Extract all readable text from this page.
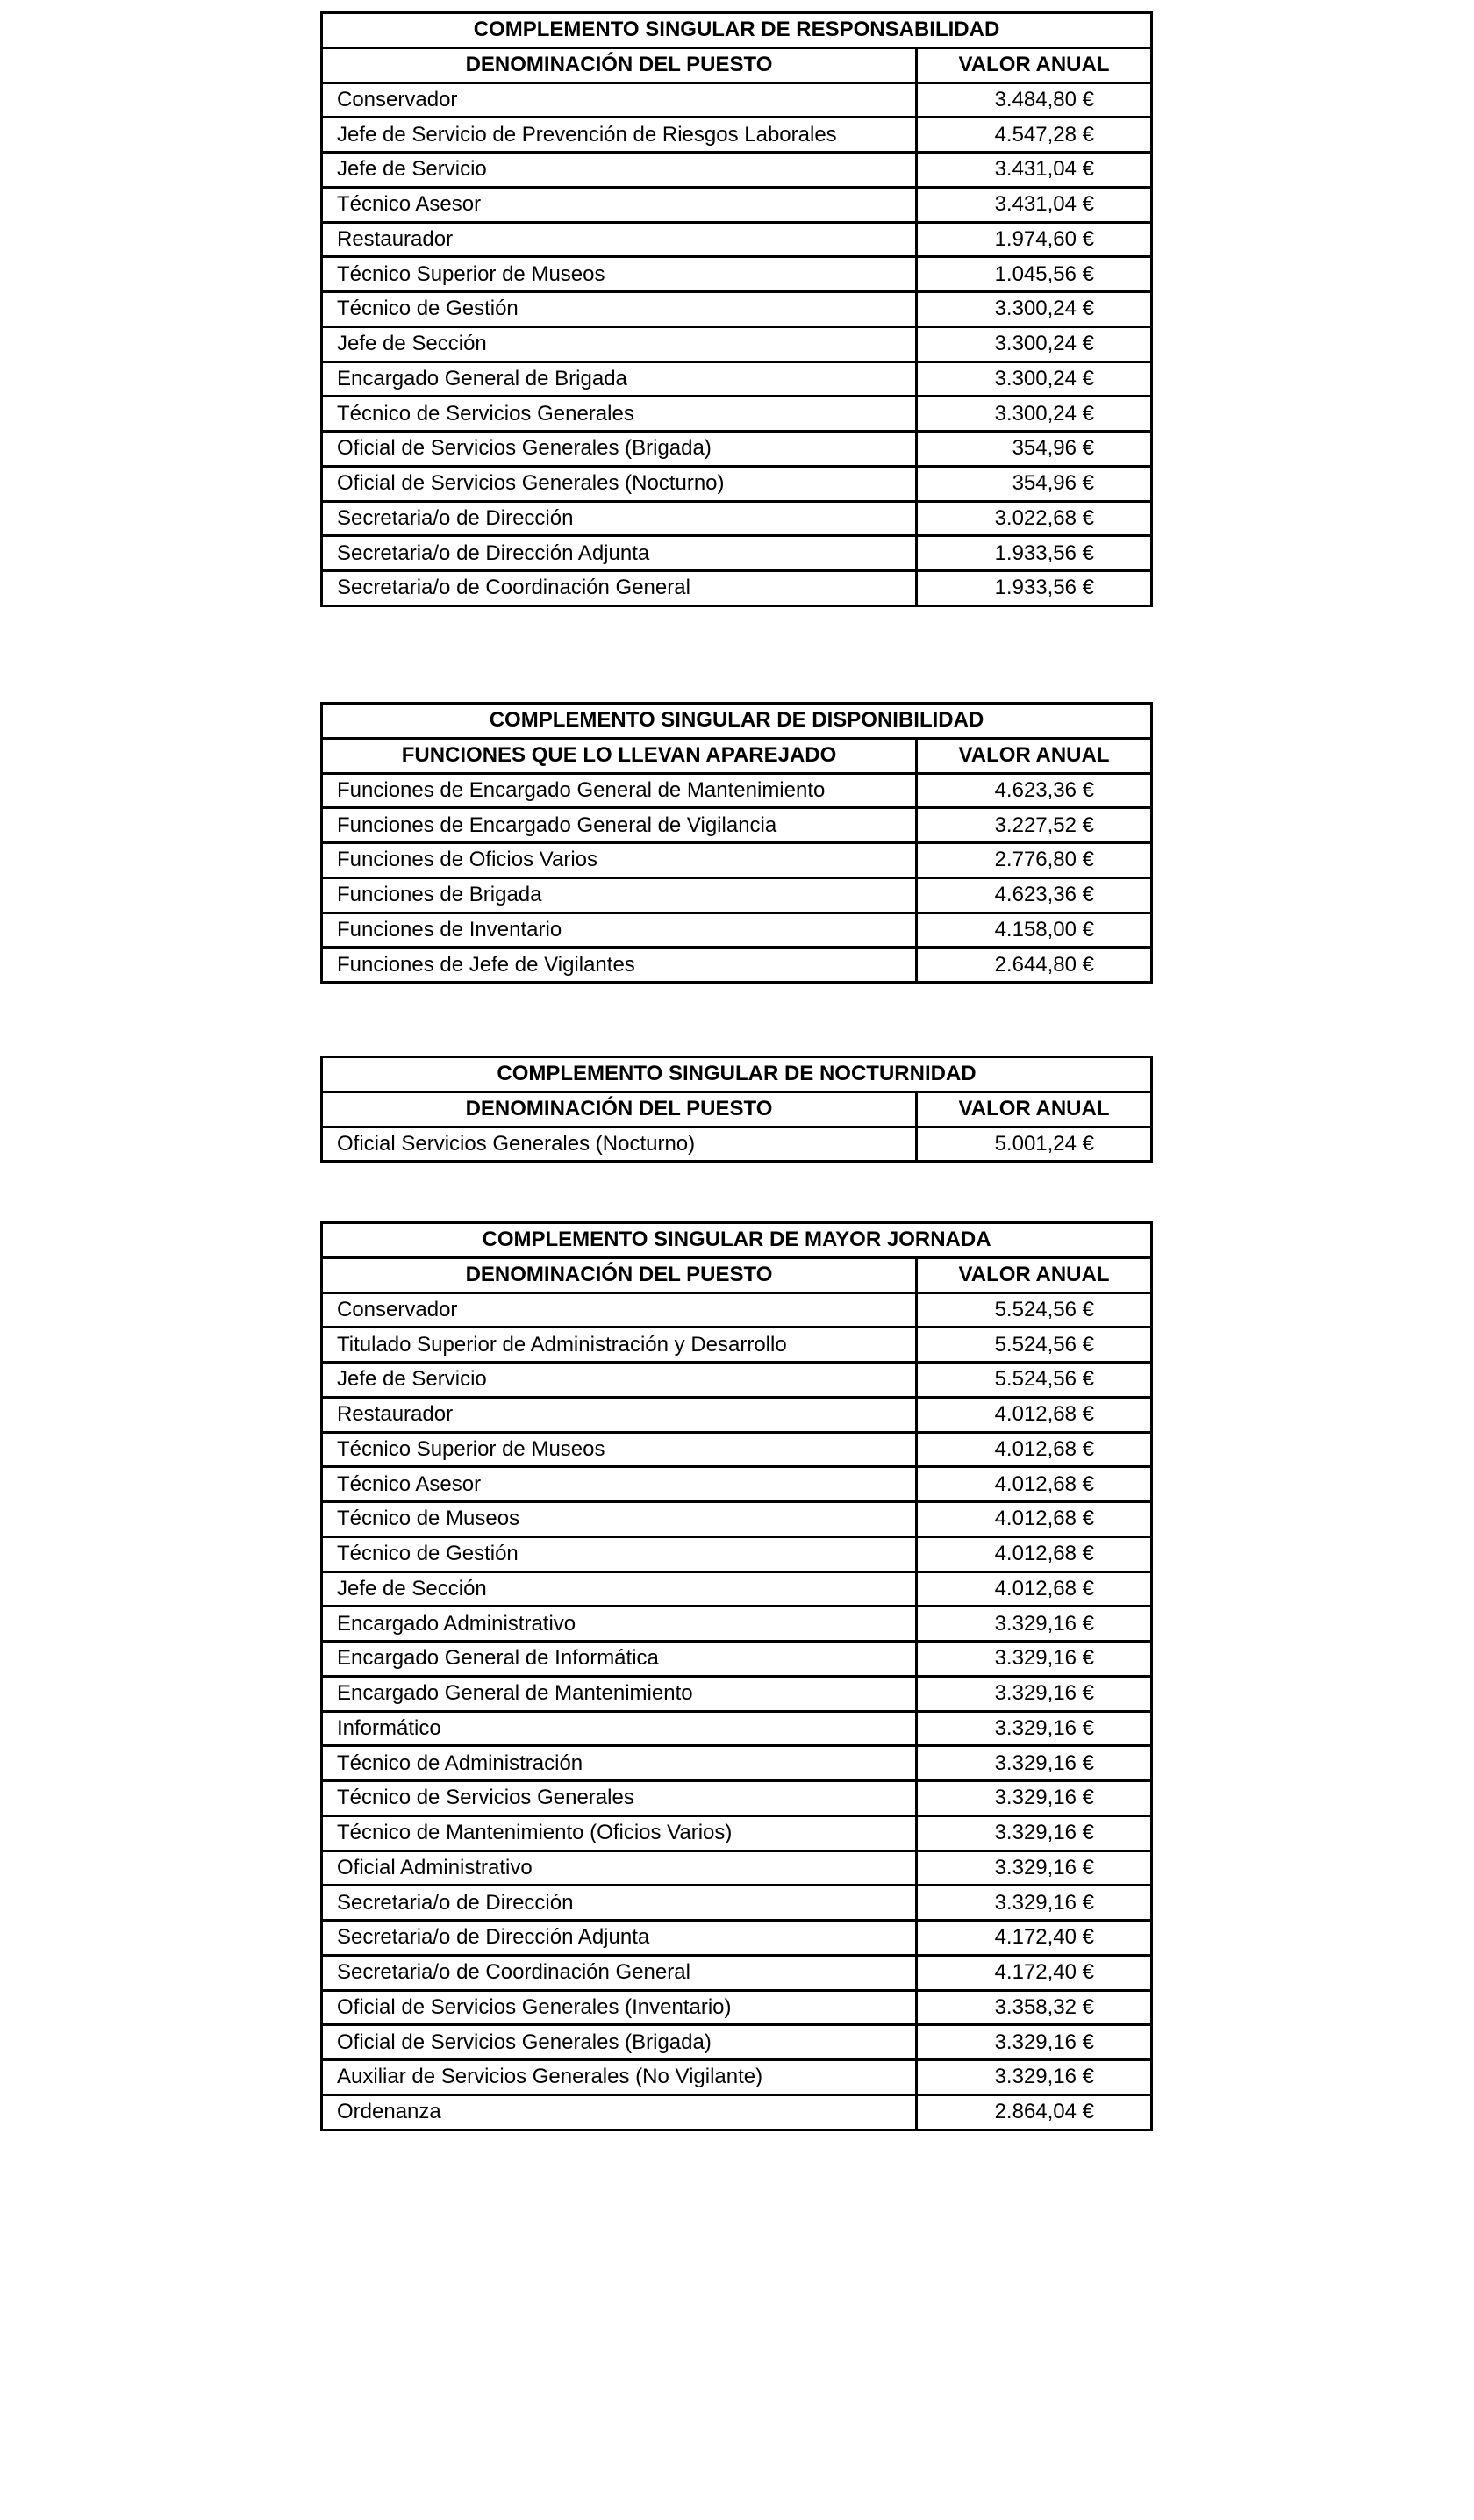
COMPLEMENTO SINGULAR DE RESPONSABILIDAD	
DENOMINACIÓN DEL PUESTO	VALOR ANUAL
Conservador	3.484,80 €
Jefe de Servicio de Prevención de Riesgos Laborales	4.547,28 €
Jefe de Servicio	3.431,04 €
Técnico Asesor	3.431,04 €
Restaurador	1.974,60 €
Técnico Superior de Museos	1.045,56 €
Técnico de Gestión	3.300,24 €
Jefe de Sección	3.300,24 €
Encargado General de Brigada	3.300,24 €
Técnico de Servicios Generales	3.300,24 €
Oficial de Servicios Generales (Brigada)	354,96 €
Oficial de Servicios Generales (Nocturno)	354,96 €
Secretaria/o de Dirección	3.022,68 €
Secretaria/o de Dirección Adjunta	1.933,56 €
Secretaria/o de Coordinación General	1.933,56 €
COMPLEMENTO SINGULAR DE DISPONIBILIDAD	
FUNCIONES QUE LO LLEVAN APAREJADO	VALOR ANUAL
Funciones de Encargado General de Mantenimiento	4.623,36 €
Funciones de Encargado General de Vigilancia	3.227,52 €
Funciones de Oficios Varios	2.776,80 €
Funciones de Brigada	4.623,36 €
Funciones de Inventario	4.158,00 €
Funciones de Jefe de Vigilantes	2.644,80 €
COMPLEMENTO SINGULAR DE NOCTURNIDAD	
DENOMINACIÓN DEL PUESTO	VALOR ANUAL
Oficial Servicios Generales (Nocturno)	5.001,24 €
COMPLEMENTO SINGULAR DE MAYOR JORNADA	
DENOMINACIÓN DEL PUESTO	VALOR ANUAL
Conservador	5.524,56 €
Titulado Superior de Administración y Desarrollo	5.524,56 €
Jefe de Servicio	5.524,56 €
Restaurador	4.012,68 €
Técnico Superior de Museos	4.012,68 €
Técnico Asesor	4.012,68 €
Técnico de Museos	4.012,68 €
Técnico de Gestión	4.012,68 €
Jefe de Sección	4.012,68 €
Encargado Administrativo	3.329,16 €
Encargado General de Informática	3.329,16 €
Encargado General de Mantenimiento	3.329,16 €
Informático	3.329,16 €
Técnico de Administración	3.329,16 €
Técnico de Servicios Generales	3.329,16 €
Técnico de Mantenimiento (Oficios Varios)	3.329,16 €
Oficial Administrativo	3.329,16 €
Secretaria/o de Dirección	3.329,16 €
Secretaria/o de Dirección Adjunta	4.172,40 €
Secretaria/o de Coordinación General	4.172,40 €
Oficial de Servicios Generales (Inventario)	3.358,32 €
Oficial de Servicios Generales (Brigada)	3.329,16 €
Auxiliar de Servicios Generales (No Vigilante)	3.329,16 €
Ordenanza	2.864,04 €
